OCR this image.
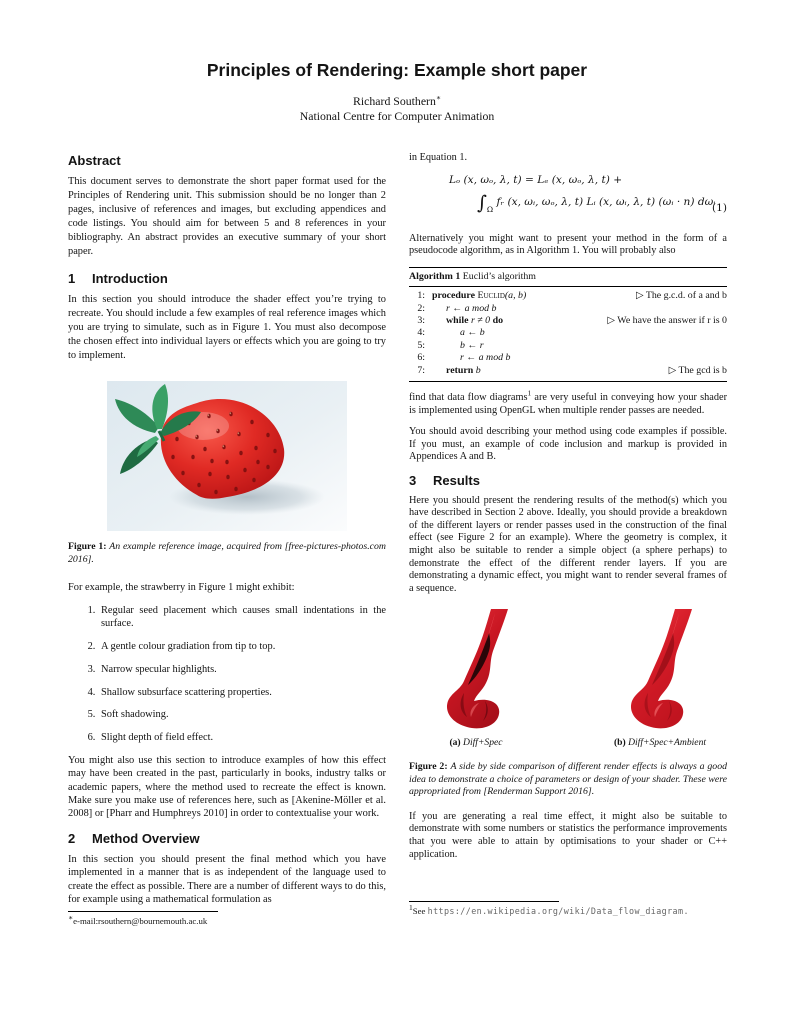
Principles of Rendering: Example short paper
Richard Southern∗
National Centre for Computer Animation
Abstract

This document serves to demonstrate the short paper format used for the Principles of Rendering unit. This submission should be no longer than 2 pages, inclusive of references and images, but excluding appendices and code listings. You should aim for between 5 and 8 references in your bibliography. An abstract provides an executive summary of your short paper.

1	Introduction

In this section you should introduce the shader effect you’re trying to recreate. You should include a few examples of real reference images which you are trying to simulate, such as in Figure 1. You must also decompose the chosen effect into individual layers or effects which you are going to try to implement.

Figure 1: An example reference image, acquired from [free-pictures-photos.com 2016].

For example, the strawberry in Figure 1 might exhibit:

1. Regular seed placement which causes small indentations in the surface.
2. A gentle colour gradiation from tip to top.
3. Narrow specular highlights.
4. Shallow subsurface scattering properties.
5. Soft shadowing.
6. Slight depth of field effect.

You might also use this section to introduce examples of how this effect may have been created in the past, particularly in books, industry talks or academic papers, where the method used to recreate the effect is known. Make sure you make use of references here, such as [Akenine-Möller et al. 2008] or [Pharr and Humphreys 2010] in order to contextualise your work.

2	Method Overview

In this section you should present the final method which you have implemented in a manner that is as independent of the language used to create the effect as possible. There are a number of different ways to do this, for example using a mathematical formulation as

in Equation 1.

Lₒ (x, ωₒ, λ, t) = Lₑ (x, ωₒ, λ, t) +
$\int_\Omega$ fᵣ (x, ωᵢ, ωₒ, λ, t) Lᵢ (x, ωᵢ, λ, t) (ωᵢ · n) dωᵢ
(1)

Alternatively you might want to present your method in the form of a pseudocode algorithm, as in Algorithm 1. You will probably also

Algorithm 1 Euclid’s algorithm
1: procedure Euclid(a, b)	▷ The g.c.d. of a and b
2:	r ← a mod b
3:	while r ≠ 0 do	▷ We have the answer if r is 0
4:	a ← b
5:	b ← r
6:	r ← a mod b
7:	return b	▷ The gcd is b

find that data flow diagrams$^1$ are very useful in conveying how your shader is implemented using OpenGL when multiple render passes are needed.

You should avoid describing your method using code examples if possible. If you must, an example of code inclusion and markup is provided in Appendices A and B.

3	Results

Here you should present the rendering results of the method(s) which you have described in Section 2 above. Ideally, you should provide a breakdown of the different layers or render passes used in the construction of the final effect (see Figure 2 for an example). Where the geometry is complex, it might also be suitable to render a simple object (a sphere perhaps) to demonstrate the effect of the different render layers. If you are demonstrating a dynamic effect, you might want to render several frames of a sequence.

(a) Diff+Spec	(b) Diff+Spec+Ambient
Figure 2: A side by side comparison of different render effects is always a good idea to demonstrate a choice of parameters or design of your shader. These were appropriated from [Renderman Support 2016].

If you are generating a real time effect, it might also be suitable to demonstrate with some numbers or statistics the performance improvements that you were able to attain by optimisations to your shader or C++ application.

∗e-mail:rsouthern@bournemouth.ac.uk
1See https://en.wikipedia.org/wiki/Data_flow_diagram.
